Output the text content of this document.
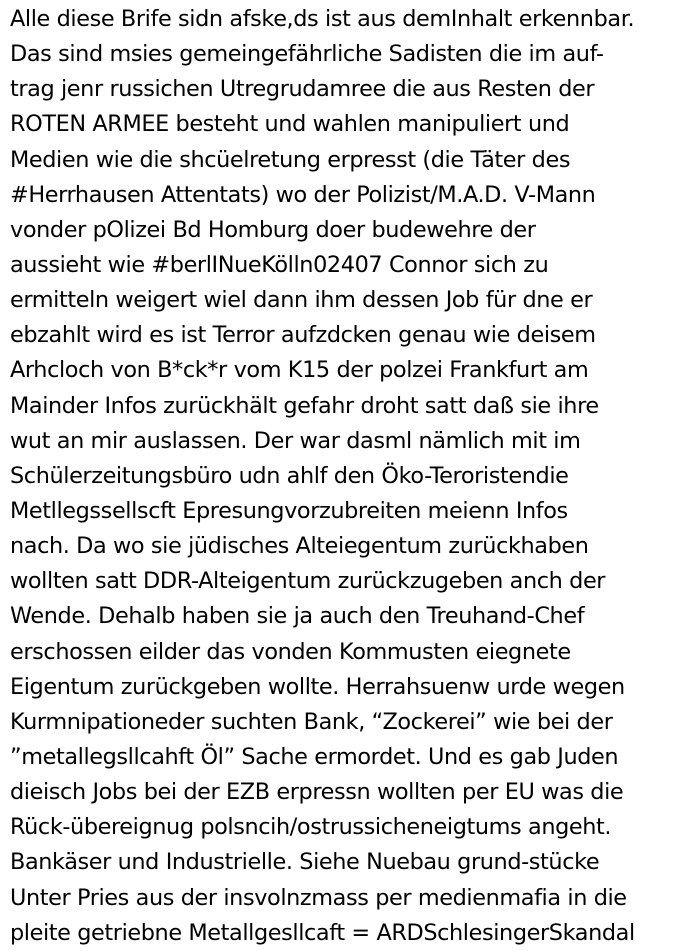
Alle diese Brife sidn afske,ds ist aus demInhalt erkennbar.
Das sind msies gemeingefährliche Sadisten die im auf-
trag jenr russichen Utregrudamree die aus Resten der
ROTEN ARMEE besteht und wahlen manipuliert und
Medien wie die shcüelretung erpresst (die Täter des
#Herrhausen Attentats) wo der Polizist/M.A.D. V-Mann
vonder pOlizei Bd Homburg doer budewehre der
aussieht wie #berlINueKölln02407 Connor sich zu
ermitteln weigert wiel dann ihm dessen Job für dne er
ebzahlt wird es ist Terror aufzdcken genau wie deisem
Arhcloch von B*ck*r vom K15 der polzei Frankfurt am
Mainder Infos zurückhält gefahr droht satt daß sie ihre
wut an mir auslassen. Der war dasml nämlich mit im
Schülerzeitungsbüro udn ahlf den Öko-Teroristendie
Metllegssellscft Epresungvorzubreiten meienn Infos
nach. Da wo sie jüdisches Alteiegentum zurückhaben
wollten satt DDR-Alteigentum zurückzugeben anch der
Wende. Dehalb haben sie ja auch den Treuhand-Chef
erschossen eilder das vonden Kommusten eiegnete
Eigentum zurückgeben wollte. Herrahsuenw urde wegen
Kurmnipationeder suchten Bank, “Zockerei” wie bei der
”metallegsllcahft Öl” Sache ermordet. Und es gab Juden
dieisch Jobs bei der EZB erpressn wollten per EU was die
Rück-übereignug polsncih/ostrussicheneigtums angeht.
Bankäser und Industrielle. Siehe Nuebau grund-stücke
Unter Pries aus der insvolnzmass per medienmafia in die
pleite getriebne Metallgesllcaft = ARDSchlesingerSkandal
